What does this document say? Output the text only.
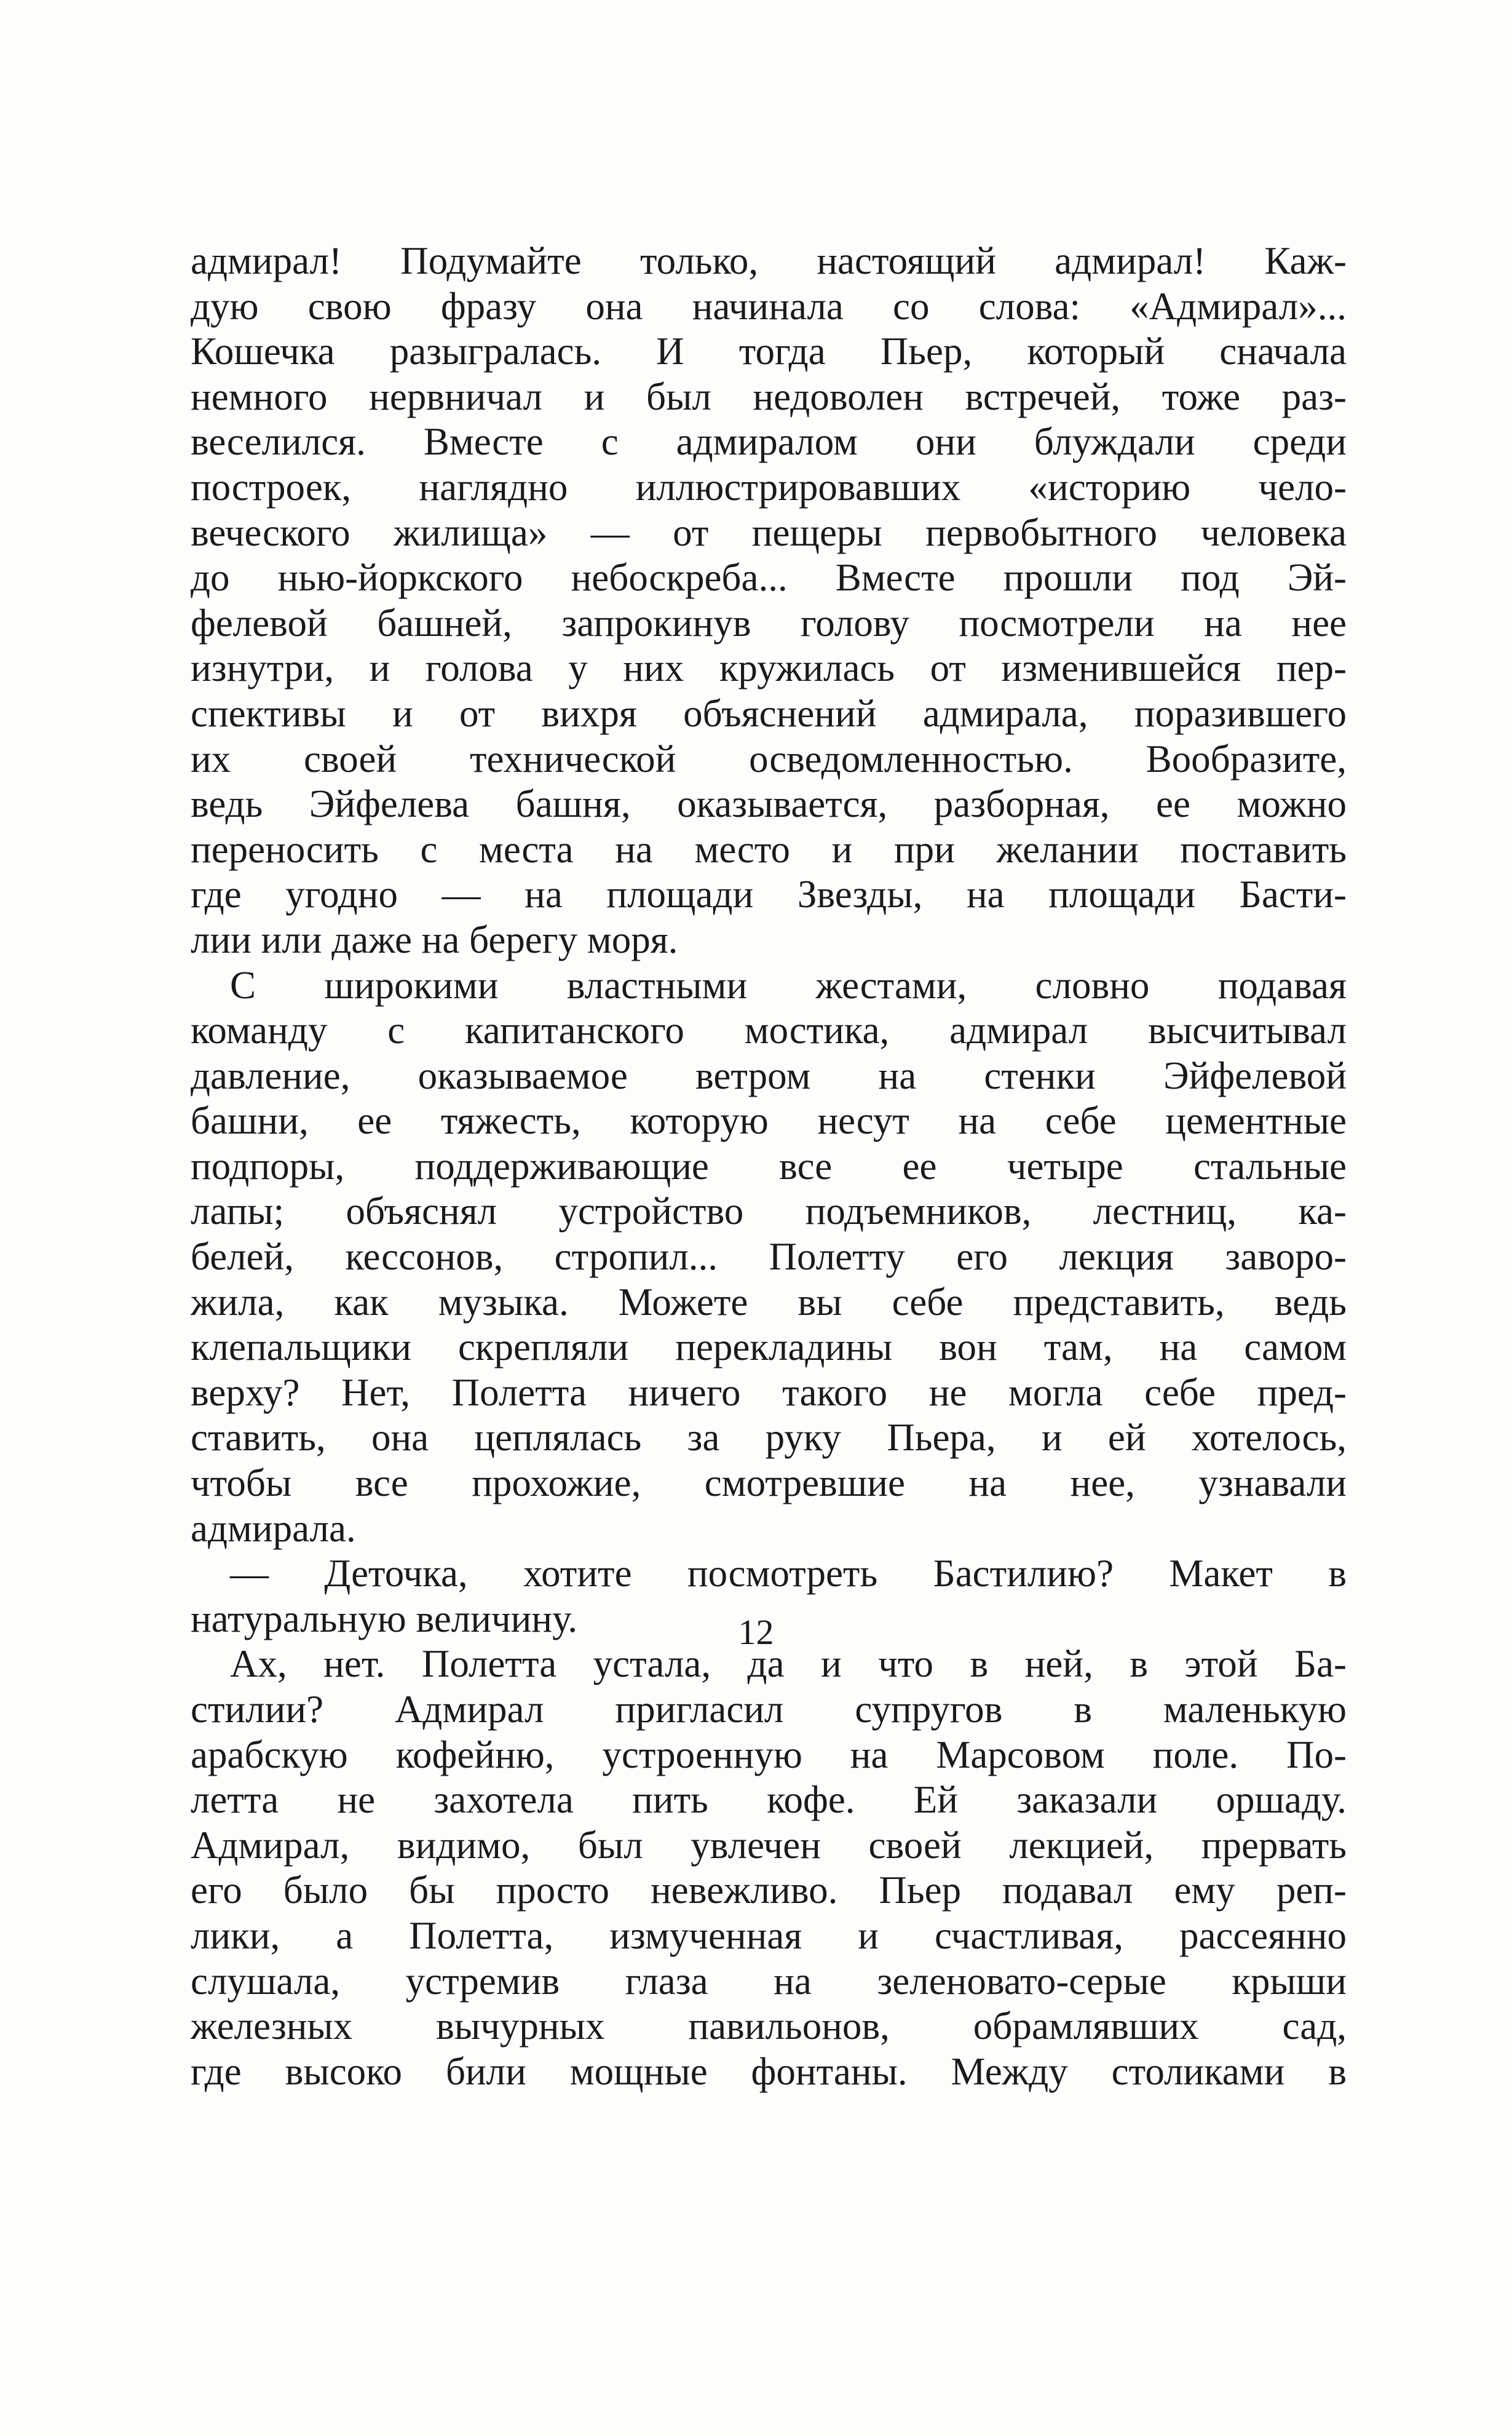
адмирал! Подумайте только, настоящий адмирал! Каж-
дую свою фразу она начинала со слова: «Адмирал»...
Кошечка разыгралась. И тогда Пьер, который сначала
немного нервничал и был недоволен встречей, тоже раз-
веселился. Вместе с адмиралом они блуждали среди
построек, наглядно иллюстрировавших «историю чело-
веческого жилища» — от пещеры первобытного человека
до нью-йоркского небоскреба... Вместе прошли под Эй-
фелевой башней, запрокинув голову посмотрели на нее
изнутри, и голова у них кружилась от изменившейся пер-
спективы и от вихря объяснений адмирала, поразившего
их своей технической осведомленностью. Вообразите,
ведь Эйфелева башня, оказывается, разборная, ее можно
переносить с места на место и при желании поставить
где угодно — на площади Звезды, на площади Басти-
лии или даже на берегу моря.
С широкими властными жестами, словно подавая
команду с капитанского мостика, адмирал высчитывал
давление, оказываемое ветром на стенки Эйфелевой
башни, ее тяжесть, которую несут на себе цементные
подпоры, поддерживающие все ее четыре стальные
лапы; объяснял устройство подъемников, лестниц, ка-
белей, кессонов, стропил... Полетту его лекция заворо-
жила, как музыка. Можете вы себе представить, ведь
клепальщики скрепляли перекладины вон там, на самом
верху? Нет, Полетта ничего такого не могла себе пред-
ставить, она цеплялась за руку Пьера, и ей хотелось,
чтобы все прохожие, смотревшие на нее, узнавали
адмирала.
— Деточка, хотите посмотреть Бастилию? Макет в
натуральную величину.
Ах, нет. Полетта устала, да и что в ней, в этой Ба-
стилии? Адмирал пригласил супругов в маленькую
арабскую кофейню, устроенную на Марсовом поле. По-
летта не захотела пить кофе. Ей заказали оршаду.
Адмирал, видимо, был увлечен своей лекцией, прервать
его было бы просто невежливо. Пьер подавал ему реп-
лики, а Полетта, измученная и счастливая, рассеянно
слушала, устремив глаза на зеленовато-серые крыши
железных вычурных павильонов, обрамлявших сад,
где высоко били мощные фонтаны. Между столиками в
12
